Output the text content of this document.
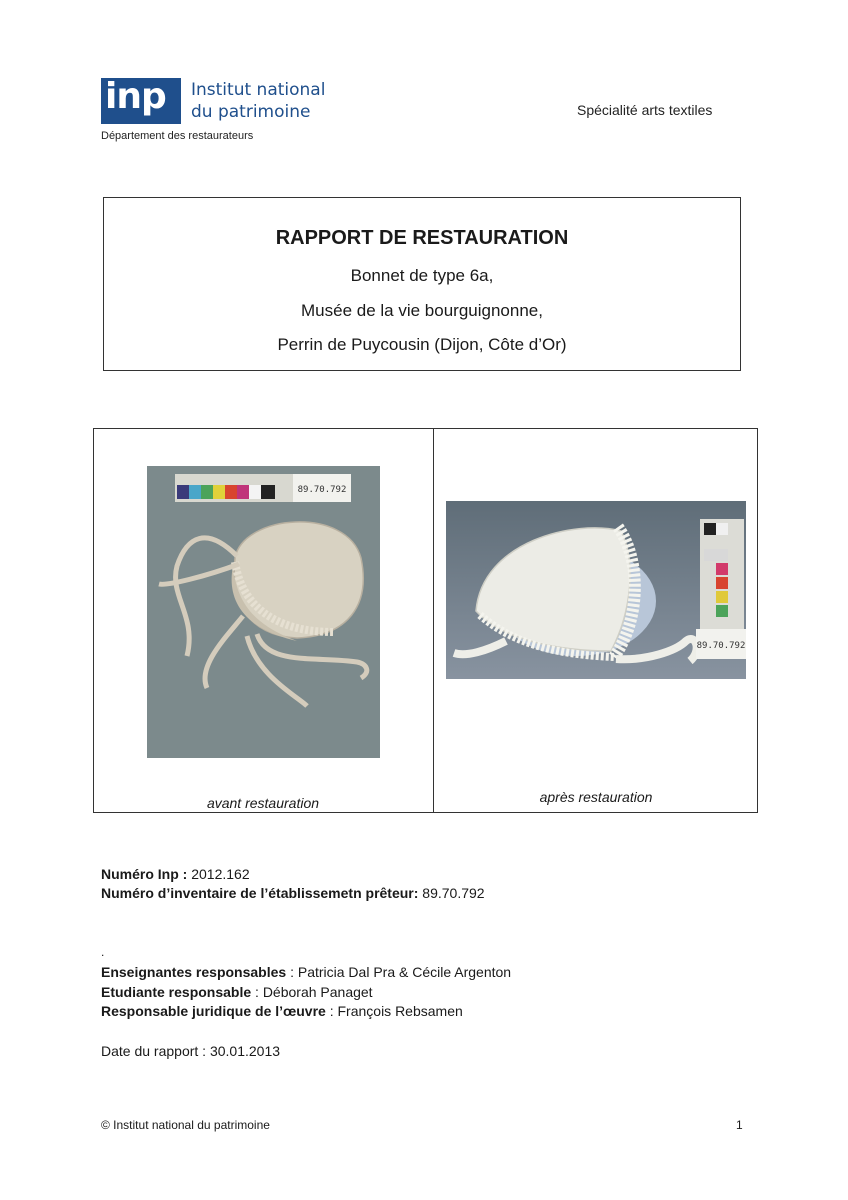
inp	Institut national
du patrimoine
Département des restaurateurs
Spécialité arts textiles
RAPPORT DE RESTAURATION
Bonnet de type 6a,
Musée de la vie bourguignonne,
Perrin de Puycousin (Dijon, Côte d’Or)
89.70.792
89.70.792
avant restauration	après restauration
Numéro Inp : 2012.162
Numéro d’inventaire de l’établissemetn prêteur: 89.70.792
.
Enseignantes responsables : Patricia Dal Pra & Cécile Argenton
Etudiante responsable : Déborah Panaget
Responsable juridique de l’œuvre : François Rebsamen
Date du rapport : 30.01.2013
© Institut national du patrimoine	1
